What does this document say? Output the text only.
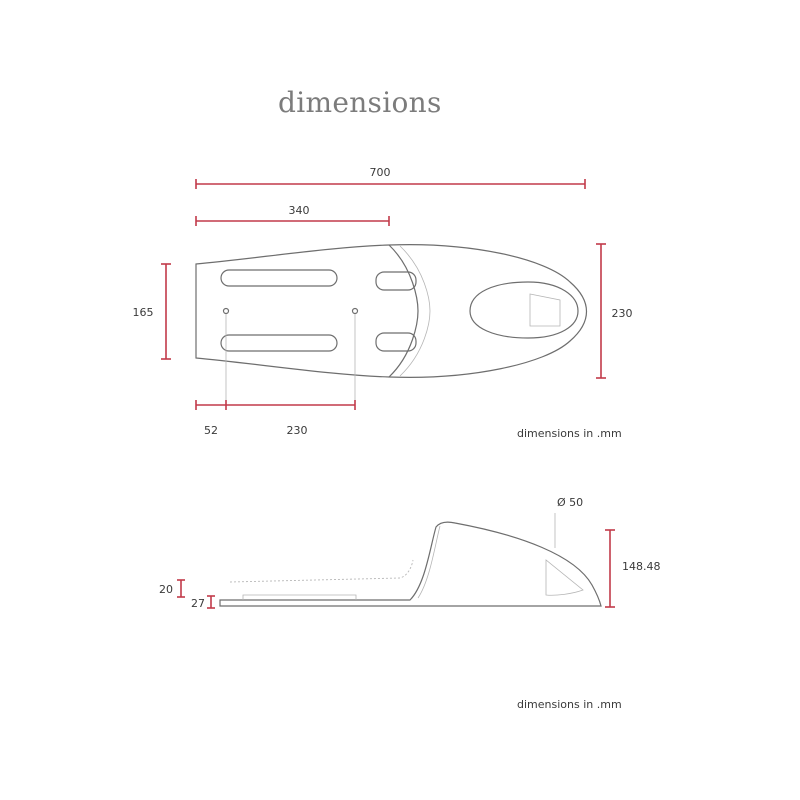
dimensions
700
340
165	230
52	230	dimensions in .mm
Ø 50
148.48
20
27
dimensions in .mm
